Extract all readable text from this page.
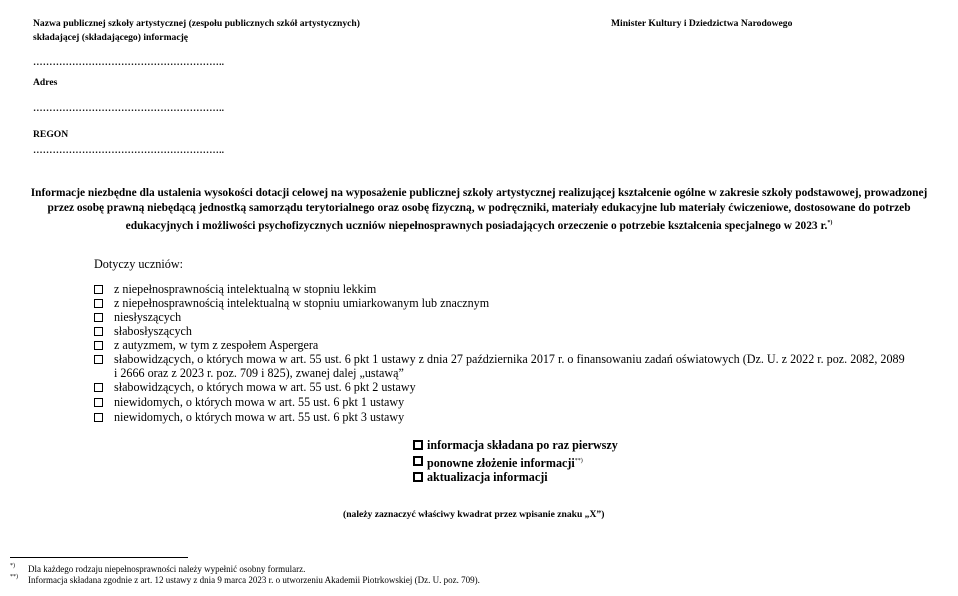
Nazwa publicznej szkoły artystycznej (zespołu publicznych szkół artystycznych)
składającej (składającego) informację
…………………………………………………..
Adres
…………………………………………………..
REGON
…………………………………………………..
Minister Kultury i Dziedzictwa Narodowego
Informacje niezbędne dla ustalenia wysokości dotacji celowej na wyposażenie publicznej szkoły artystycznej realizującej kształcenie ogólne w zakresie szkoły podstawowej, prowadzonej przez osobę prawną niebędącą jednostką samorządu terytorialnego oraz osobę fizyczną, w podręczniki, materiały edukacyjne lub materiały ćwiczeniowe, dostosowane do potrzeb edukacyjnych i możliwości psychofizycznych uczniów niepełnosprawnych posiadających orzeczenie o potrzebie kształcenia specjalnego w 2023 r.*)
Dotyczy uczniów:
z niepełnosprawnością intelektualną w stopniu lekkim
z niepełnosprawnością intelektualną w stopniu umiarkowanym lub znacznym
niesłyszących
słabosłyszących
z autyzmem, w tym z zespołem Aspergera
słabowidzących, o których mowa w art. 55 ust. 6 pkt 1 ustawy z dnia 27 października 2017 r. o finansowaniu zadań oświatowych (Dz. U. z 2022 r. poz. 2082, 2089
i 2666 oraz z 2023 r. poz. 709 i 825), zwanej dalej „ustawą”
słabowidzących, o których mowa w art. 55 ust. 6 pkt 2 ustawy
niewidomych, o których mowa w art. 55 ust. 6 pkt 1 ustawy
niewidomych, o których mowa w art. 55 ust. 6 pkt 3 ustawy
informacja składana po raz pierwszy
ponowne złożenie informacji**)
aktualizacja informacji
(należy zaznaczyć właściwy kwadrat przez wpisanie znaku „X”)
*) Dla każdego rodzaju niepełnosprawności należy wypełnić osobny formularz.
**) Informacja składana zgodnie z art. 12 ustawy z dnia 9 marca 2023 r. o utworzeniu Akademii Piotrkowskiej (Dz. U. poz. 709).
